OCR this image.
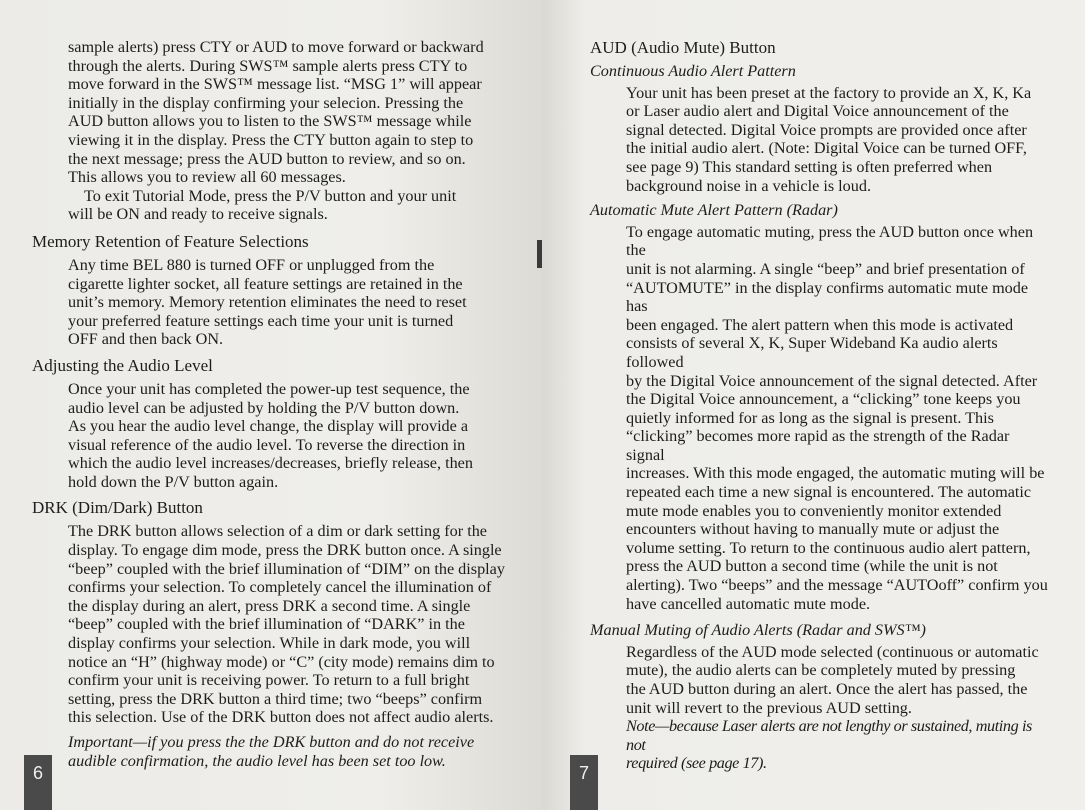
sample alerts) press CTY or AUD to move forward or backward

through the alerts. During SWS™ sample alerts press CTY to

move forward in the SWS™ message list. “MSG 1” will appear

initially in the display confirming your selecion. Pressing the

AUD button allows you to listen to the SWS™ message while

viewing it in the display. Press the CTY button again to step to

the next message; press the AUD button to review, and so on.

This allows you to review all 60 messages.

To exit Tutorial Mode, press the P/V button and your unit

will be ON and ready to receive signals.

Memory Retention of Feature Selections

Any time BEL 880 is turned OFF or unplugged from the

cigarette lighter socket, all feature settings are retained in the

unit’s memory. Memory retention eliminates the need to reset

your preferred feature settings each time your unit is turned

OFF and then back ON.

Adjusting the Audio Level

Once your unit has completed the power-up test sequence, the

audio level can be adjusted by holding the P/V button down.

As you hear the audio level change, the display will provide a

visual reference of the audio level. To reverse the direction in

which the audio level increases/decreases, briefly release, then

hold down the P/V button again.

DRK (Dim/Dark) Button

The DRK button allows selection of a dim or dark setting for the

display. To engage dim mode, press the DRK button once. A single

“beep” coupled with the brief illumination of “DIM” on the display

confirms your selection. To completely cancel the illumination of

the display during an alert, press DRK a second time. A single

“beep” coupled with the brief illumination of “DARK” in the

display confirms your selection. While in dark mode, you will

notice an “H” (highway mode) or “C” (city mode) remains dim to

confirm your unit is receiving power. To return to a full bright

setting, press the DRK button a third time; two “beeps” confirm

this selection. Use of the DRK button does not affect audio alerts.

Important—if you press the the DRK button and do not receive

audible confirmation, the audio level has been set too low.

6
AUD (Audio Mute) Button

Continuous Audio Alert Pattern

Your unit has been preset at the factory to provide an X, K, Ka

or Laser audio alert and Digital Voice announcement of the

signal detected. Digital Voice prompts are provided once after

the initial audio alert. (Note: Digital Voice can be turned OFF,

see page 9) This standard setting is often preferred when

background noise in a vehicle is loud.

Automatic Mute Alert Pattern (Radar)

To engage automatic muting, press the AUD button once when the

unit is not alarming. A single “beep” and brief presentation of

“AUTOMUTE” in the display confirms automatic mute mode has

been engaged. The alert pattern when this mode is activated

consists of several X, K, Super Wideband Ka audio alerts followed

by the Digital Voice announcement of the signal detected. After

the Digital Voice announcement, a “clicking” tone keeps you

quietly informed for as long as the signal is present. This

“clicking” becomes more rapid as the strength of the Radar signal

increases. With this mode engaged, the automatic muting will be

repeated each time a new signal is encountered. The automatic

mute mode enables you to conveniently monitor extended

encounters without having to manually mute or adjust the

volume setting. To return to the continuous audio alert pattern,

press the AUD button a second time (while the unit is not

alerting). Two “beeps” and the message “AUTOoff” confirm you

have cancelled automatic mute mode.

Manual Muting of Audio Alerts (Radar and SWS™)

Regardless of the AUD mode selected (continuous or automatic

mute), the audio alerts can be completely muted by pressing

the AUD button during an alert. Once the alert has passed, the

unit will revert to the previous AUD setting.

Note—because Laser alerts are not lengthy or sustained, muting is not

required (see page 17).

7
